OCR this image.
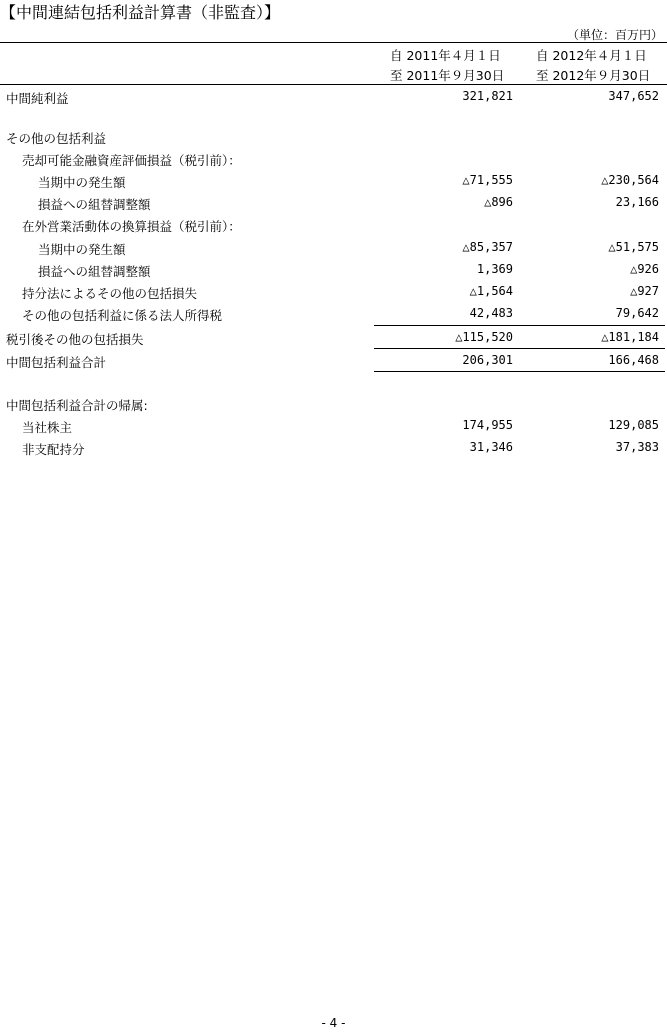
【中間連結包括利益計算書（非監査）】
（単位：百万円）
自 2011年４月１日
至 2011年９月30日
自 2012年４月１日
至 2012年９月30日
中間純利益	321,821	347,652
その他の包括利益
売却可能金融資産評価損益（税引前）：
当期中の発生額	△71,555	△230,564
損益への組替調整額	△896	23,166
在外営業活動体の換算損益（税引前）：
当期中の発生額	△85,357	△51,575
損益への組替調整額	1,369	△926
持分法によるその他の包括損失	△1,564	△927
その他の包括利益に係る法人所得税	42,483	79,642
税引後その他の包括損失	△115,520	△181,184
中間包括利益合計	206,301	166,468
中間包括利益合計の帰属:
当社株主	174,955	129,085
非支配持分	31,346	37,383
- 4 -
